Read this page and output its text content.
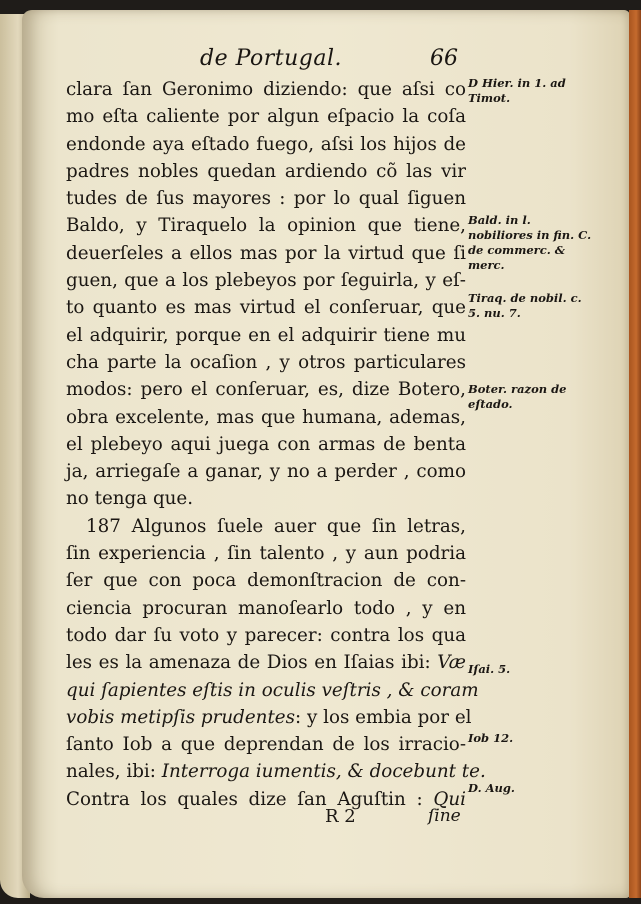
de Portugal.	66
clara ſan Geronimo diziendo: que aſsi co
mo eſta caliente por algun eſpacio la coſa
endonde aya eſtado fuego, aſsi los hijos de
padres nobles quedan ardiendo cõ las vir
tudes de ſus mayores : por lo qual ſiguen
Baldo, y Tiraquelo la opinion que tiene,
deuerſeles a ellos mas por la virtud que ſi
guen, que a los plebeyos por ſeguirla, y eſ-
to quanto es mas virtud el conſeruar, que
el adquirir, porque en el adquirir tiene mu
cha parte la ocaſion , y otros particulares
modos: pero el conſeruar, es, dize Botero,
obra excelente, mas que humana, ademas,
el plebeyo aqui juega con armas de benta
ja, arriegaſe a ganar, y no a perder , como
no tenga que.
187 Algunos ſuele auer que ſin letras,
ſin experiencia , ſin talento , y aun podria
ſer que con poca demonſtracion de con-
ciencia procuran manoſearlo todo , y en
todo dar ſu voto y parecer: contra los qua
les es la amenaza de Dios en Iſaias ibi: Væ
qui ſapientes eſtis in oculis veſtris , & coram
vobis metipſis prudentes: y los embia por el
ſanto Iob a que deprendan de los irracio-
nales, ibi: Interroga iumentis, & docebunt te.
Contra los quales dize ſan Aguſtin : Qui
D Hier. in 1. ad Timot.
Bald. in l. nobiliores in fin. C. de commerc. & merc.
Tiraq. de nobil. c. 5. nu. 7.
Boter. razon de eſtado.
Iſai. 5.
Iob 12.
D. Aug.
R 2	ſine
